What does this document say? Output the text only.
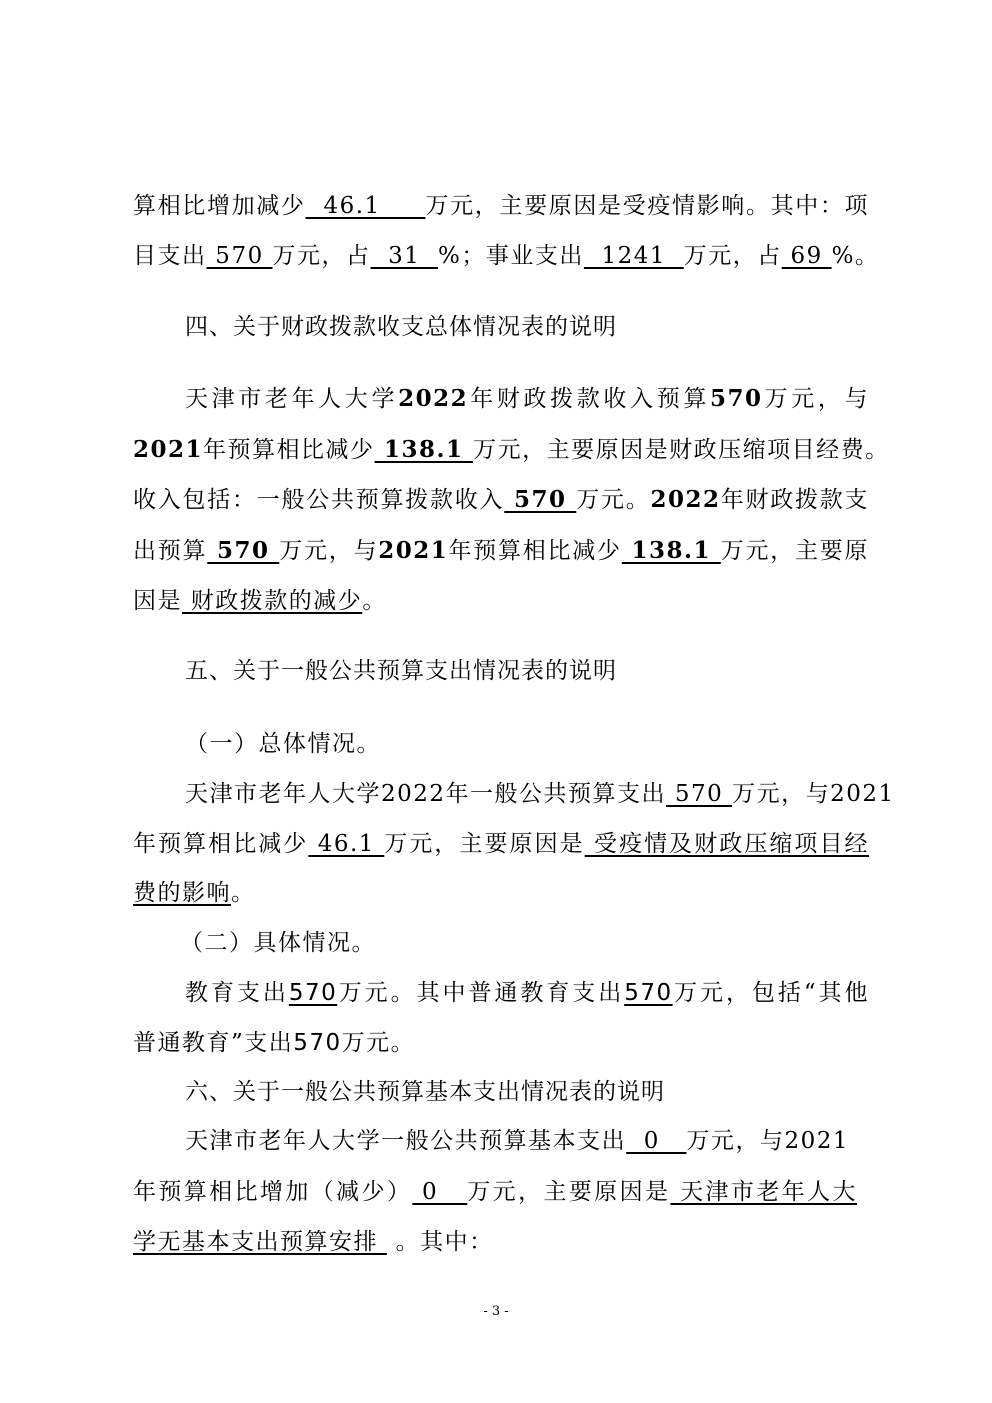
算相比增加减少  46.1     万元，主要原因是受疫情影响。其中：项
目支出 570 万元，占  31  %；事业支出  1241  万元，占 69 %。
四、关于财政拨款收支总体情况表的说明
天津市老年人大学2022年财政拨款收入预算570万元，与
2021年预算相比减少 138.1 万元，主要原因是财政压缩项目经费。
收入包括：一般公共预算拨款收入 570 万元。2022年财政拨款支
出预算 570 万元，与2021年预算相比减少 138.1 万元，主要原
因是 财政拨款的减少。
五、关于一般公共预算支出情况表的说明
（一）总体情况。
天津市老年人大学2022年一般公共预算支出 570 万元，与2021
年预算相比减少 46.1 万元，主要原因是 受疫情及财政压缩项目经
费的影响。
（二）具体情况。
教育支出570万元。其中普通教育支出570万元，包括“其他
普通教育”支出570万元。
六、关于一般公共预算基本支出情况表的说明
天津市老年人大学一般公共预算基本支出  0   万元，与2021
年预算相比增加（减少） 0   万元，主要原因是 天津市老年人大
学无基本支出预算安排  。其中：
- 3 -
